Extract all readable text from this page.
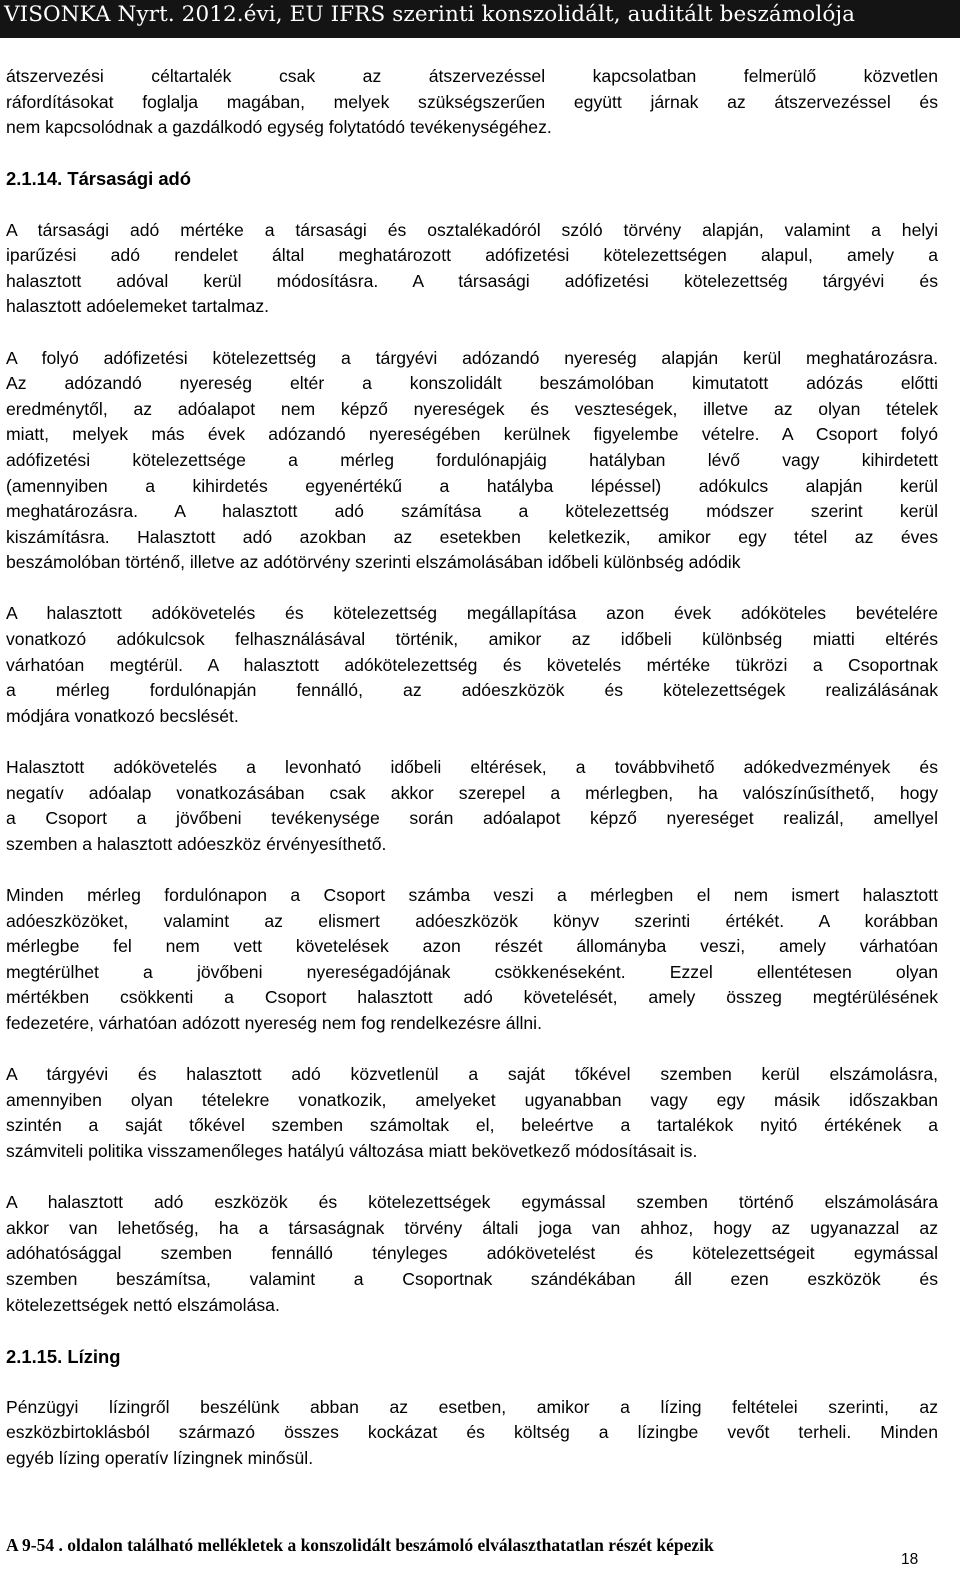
VISONKA Nyrt. 2012.évi, EU IFRS szerinti konszolidált, auditált beszámolója
átszervezési céltartalék csak az átszervezéssel kapcsolatban felmerülő közvetlen
ráfordításokat foglalja magában, melyek szükségszerűen együtt járnak az átszervezéssel és
nem kapcsolódnak a gazdálkodó egység folytatódó tevékenységéhez.
2.1.14. Társasági adó
A társasági adó mértéke a társasági és osztalékadóról szóló törvény alapján, valamint a helyi
iparűzési adó rendelet által meghatározott adófizetési kötelezettségen alapul, amely a
halasztott adóval kerül módosításra. A társasági adófizetési kötelezettség tárgyévi és
halasztott adóelemeket tartalmaz.
A folyó adófizetési kötelezettség a tárgyévi adózandó nyereség alapján kerül meghatározásra.
Az adózandó nyereség eltér a konszolidált beszámolóban kimutatott adózás előtti
eredménytől, az adóalapot nem képző nyereségek és veszteségek, illetve az olyan tételek
miatt, melyek más évek adózandó nyereségében kerülnek figyelembe vételre. A Csoport folyó
adófizetési kötelezettsége a mérleg fordulónapjáig hatályban lévő vagy kihirdetett
(amennyiben a kihirdetés egyenértékű a hatályba lépéssel) adókulcs alapján kerül
meghatározásra. A halasztott adó számítása a kötelezettség módszer szerint kerül
kiszámításra. Halasztott adó azokban az esetekben keletkezik, amikor egy tétel az éves
beszámolóban történő, illetve az adótörvény szerinti elszámolásában időbeli különbség adódik
A halasztott adókövetelés és kötelezettség megállapítása azon évek adóköteles bevételére
vonatkozó adókulcsok felhasználásával történik, amikor az időbeli különbség miatti eltérés
várhatóan megtérül. A halasztott adókötelezettség és követelés mértéke tükrözi a Csoportnak
a mérleg fordulónapján fennálló, az adóeszközök és kötelezettségek realizálásának
módjára vonatkozó becslését.
Halasztott adókövetelés a levonható időbeli eltérések, a továbbvihető adókedvezmények és
negatív adóalap vonatkozásában csak akkor szerepel a mérlegben, ha valószínűsíthető, hogy
a Csoport a jövőbeni tevékenysége során adóalapot képző nyereséget realizál, amellyel
szemben a halasztott adóeszköz érvényesíthető.
Minden mérleg fordulónapon a Csoport számba veszi a mérlegben el nem ismert halasztott
adóeszközöket, valamint az elismert adóeszközök könyv szerinti értékét. A korábban
mérlegbe fel nem vett követelések azon részét állományba veszi, amely várhatóan
megtérülhet a jövőbeni nyereségadójának csökkenéseként. Ezzel ellentétesen olyan
mértékben csökkenti a Csoport halasztott adó követelését, amely összeg megtérülésének
fedezetére, várhatóan adózott nyereség nem fog rendelkezésre állni.
A tárgyévi és halasztott adó közvetlenül a saját tőkével szemben kerül elszámolásra,
amennyiben olyan tételekre vonatkozik, amelyeket ugyanabban vagy egy másik időszakban
szintén a saját tőkével szemben számoltak el, beleértve a tartalékok nyitó értékének a
számviteli politika visszamenőleges hatályú változása miatt bekövetkező módosításait is.
A halasztott adó eszközök és kötelezettségek egymással szemben történő elszámolására
akkor van lehetőség, ha a társaságnak törvény általi joga van ahhoz, hogy az ugyanazzal az
adóhatósággal szemben fennálló tényleges adókövetelést és kötelezettségeit egymással
szemben beszámítsa, valamint a Csoportnak szándékában áll ezen eszközök és
kötelezettségek nettó elszámolása.
2.1.15. Lízing
Pénzügyi lízingről beszélünk abban az esetben, amikor a lízing feltételei szerinti, az
eszközbirtoklásból származó összes kockázat és költség a lízingbe vevőt terheli. Minden
egyéb lízing operatív lízingnek minősül.
A 9-54 . oldalon található mellékletek a konszolidált beszámoló elválaszthatatlan részét képezik
18
